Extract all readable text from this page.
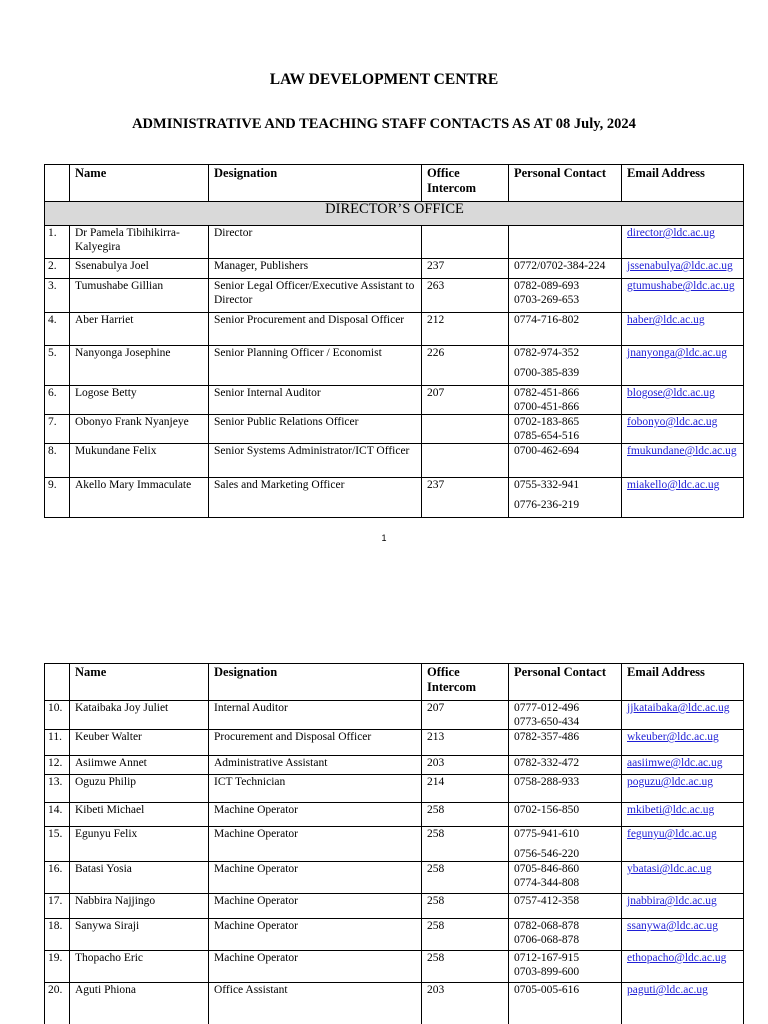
LAW DEVELOPMENT CENTRE
ADMINISTRATIVE AND TEACHING STAFF CONTACTS AS AT 08 July, 2024
	Name	Designation	Office Intercom	Personal Contact	Email Address
DIRECTOR’S OFFICE					
1.	Dr Pamela Tibihikirra-Kalyegira	Director			director@ldc.ac.ug
2.	Ssenabulya Joel	Manager, Publishers	237	0772/0702-384-224	jssenabulya@ldc.ac.ug
3.	Tumushabe Gillian	Senior Legal Officer/Executive Assistant to Director	263	0782-089-693
0703-269-653	gtumushabe@ldc.ac.ug
4.	Aber Harriet	Senior Procurement and Disposal Officer	212	0774-716-802	haber@ldc.ac.ug
5.	Nanyonga Josephine	Senior Planning Officer / Economist	226	0782-974-352
0700-385-839	jnanyonga@ldc.ac.ug
6.	Logose Betty	Senior Internal Auditor	207	0782-451-866
0700-451-866	blogose@ldc.ac.ug
7.	Obonyo Frank Nyanjeye	Senior Public Relations Officer		0702-183-865
0785-654-516	fobonyo@ldc.ac.ug
8.	Mukundane Felix	Senior Systems Administrator/ICT Officer		0700-462-694	fmukundane@ldc.ac.ug
9.	Akello Mary Immaculate	Sales and Marketing Officer	237	0755-332-941
0776-236-219	miakello@ldc.ac.ug
1
	Name	Designation	Office Intercom	Personal Contact	Email Address
10.	Kataibaka Joy Juliet	Internal Auditor	207	0777-012-496
0773-650-434	jjkataibaka@ldc.ac.ug
11.	Keuber Walter	Procurement and Disposal Officer	213	0782-357-486	wkeuber@ldc.ac.ug
12.	Asiimwe Annet	Administrative Assistant	203	0782-332-472	aasiimwe@ldc.ac.ug
13.	Oguzu Philip	ICT Technician	214	0758-288-933	poguzu@ldc.ac.ug
14.	Kibeti Michael	Machine Operator	258	0702-156-850	mkibeti@ldc.ac.ug
15.	Egunyu Felix	Machine Operator	258	0775-941-610
0756-546-220	fegunyu@ldc.ac.ug
16.	Batasi Yosia	Machine Operator	258	0705-846-860
0774-344-808	ybatasi@ldc.ac.ug
17.	Nabbira Najjingo	Machine Operator	258	0757-412-358	jnabbira@ldc.ac.ug
18.	Sanywa Siraji	Machine Operator	258	0782-068-878
0706-068-878	ssanywa@ldc.ac.ug
19.	Thopacho Eric	Machine Operator	258	0712-167-915
0703-899-600	ethopacho@ldc.ac.ug
20.	Aguti Phiona	Office Assistant	203	0705-005-616	paguti@ldc.ac.ug
